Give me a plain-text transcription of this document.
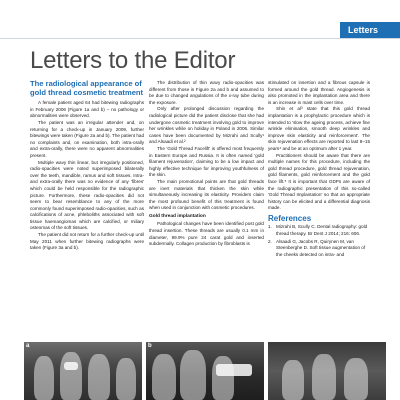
Letters
Letters to the Editor
The radiological appearance of gold thread cosmetic treatment

A female patient aged 64 had bitewing radiographs in February 2006 (Figure 1a and b) – no pathology or abnormalities were observed.

The patient was an irregular attender and, on returning for a check-up in January 2009, further bitewings were taken (Figure 2a and b). The patient had no complaints and, on examination, both intra-orally and extra-orally, there were no apparent abnormalities present.

Multiple wavy thin linear, but irregularly positioned, radio-opacities were noted superimposed bilaterally over the teeth, mandible, ramus and soft tissues. Intra- and extra-orally there was no evidence of any 'fibres' which could be held responsible for the radiographic picture. Furthermore, these radio-opacities did not seem to bear resemblance to any of the more commonly found superimposed radio-opacities, such as calcifications of acne, phleboliths associated with soft tissue haemangiomas which are calcified, or miliary osteomas of the soft tissues.

The patient did not return for a further check-up until May 2011 when further bitewing radiographs were taken (Figure 3a and b).

The distribution of thin wavy radio-opacities was different from those in Figure 2a and b and assumed to be due to changed angulations of the x-ray tube during the exposure.

Only after prolonged discussion regarding the radiological picture did the patient disclose that she had undergone cosmetic treatment involving gold to improve her wrinkles while on holiday in Poland in 2006. Similar cases have been documented by Mizrahi and Scully¹ and Alsaadi et al.²

The 'Gold Thread Facelift' is offered most frequently in Eastern Europe and Russia. It is often named 'gold filament rejuvenation', claiming to be a low impact and highly effective technique for improving youthfulness of the skin.

The main promotional points are that gold threads are inert materials that thicken the skin while simultaneously increasing its elasticity. Providers claim the most profound benefit of this treatment is found when used in conjunction with cosmetic procedures.

Gold thread implantation

Pathological changes have been identified post gold thread insertion. These threads are usually 0.1 mm in diameter, 99.9% pure 24 carat gold and inserted subdermally. Collagen production by fibroblasts is

stimulated on insertion and a fibrous capsule is formed around the gold thread. Angiogenesis is also promoted in the implantation area and there is an increase in mast cells over time.

Shin et al³ state that this gold thread implantation is a prophylactic procedure which is intended to 'slow the ageing process, achieve fine wrinkle elimination, smooth deep wrinkles and improve skin elasticity and reinforcement'. The skin rejuvenation effects are reported to last 8–15 years⁴ and be at an optimum after 1 year.

Practitioners should be aware that there are multiple names for this procedure, including the gold thread procedure, gold thread rejuvenation, gold filaments, gold reinforcement and the gold face lift.⁵ It is important that GDPs are aware of the radiographic presentation of this so-called 'Gold Thread Implantation' so that an appropriate history can be elicited and a differential diagnosis made.

References
1. Mizrahi B, Scully C. Dental radiography: gold thread therapy. Br Dent J 2014; 216: 606.
2. Alsaadi G, Jacobs R, Quirynen M, van Steenberghe D. Soft tissue augmentation of the cheeks detected on intra- and
a	b
